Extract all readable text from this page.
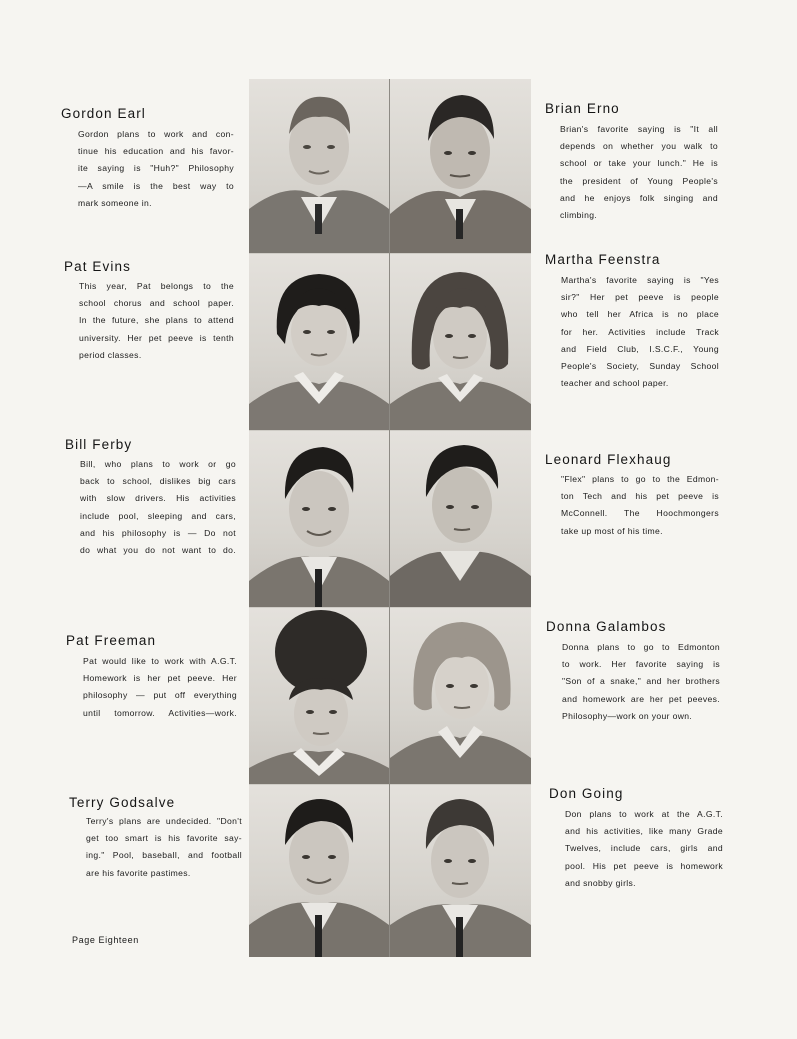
Gordon Earl
Gordon plans to work and con-
tinue his education and his favor-
ite saying is "Huh?" Philosophy
—A smile is the best way to
mark someone in.
Pat Evins
This year, Pat belongs to the
school chorus and school paper.
In the future, she plans to attend
university. Her pet peeve is tenth
period classes.
Bill Ferby
Bill, who plans to work or go
back to school, dislikes big cars
with slow drivers. His activities
include pool, sleeping and cars,
and his philosophy is — Do not
do what you do not want to do.
Pat Freeman
Pat would like to work with A.G.T.
Homework is her pet peeve. Her
philosophy — put off everything
until tomorrow. Activities—work.
Terry Godsalve
Terry's plans are undecided. "Don't
get too smart is his favorite say-
ing." Pool, baseball, and football
are his favorite pastimes.
Brian Erno
Brian's favorite saying is "It all
depends on whether you walk to
school or take your lunch." He is
the president of Young People's
and he enjoys folk singing and
climbing.
Martha Feenstra
Martha's favorite saying is "Yes
sir?" Her pet peeve is people
who tell her Africa is no place
for her. Activities include Track
and Field Club, I.S.C.F., Young
People's Society, Sunday School
teacher and school paper.
Leonard Flexhaug
"Flex" plans to go to the Edmon-
ton Tech and his pet peeve is
McConnell. The Hoochmongers
take up most of his time.
Donna Galambos
Donna plans to go to Edmonton
to work. Her favorite saying is
"Son of a snake," and her brothers
and homework are her pet peeves.
Philosophy—work on your own.
Don Going
Don plans to work at the A.G.T.
and his activities, like many Grade
Twelves, include cars, girls and
pool. His pet peeve is homework
and snobby girls.
Page Eighteen
